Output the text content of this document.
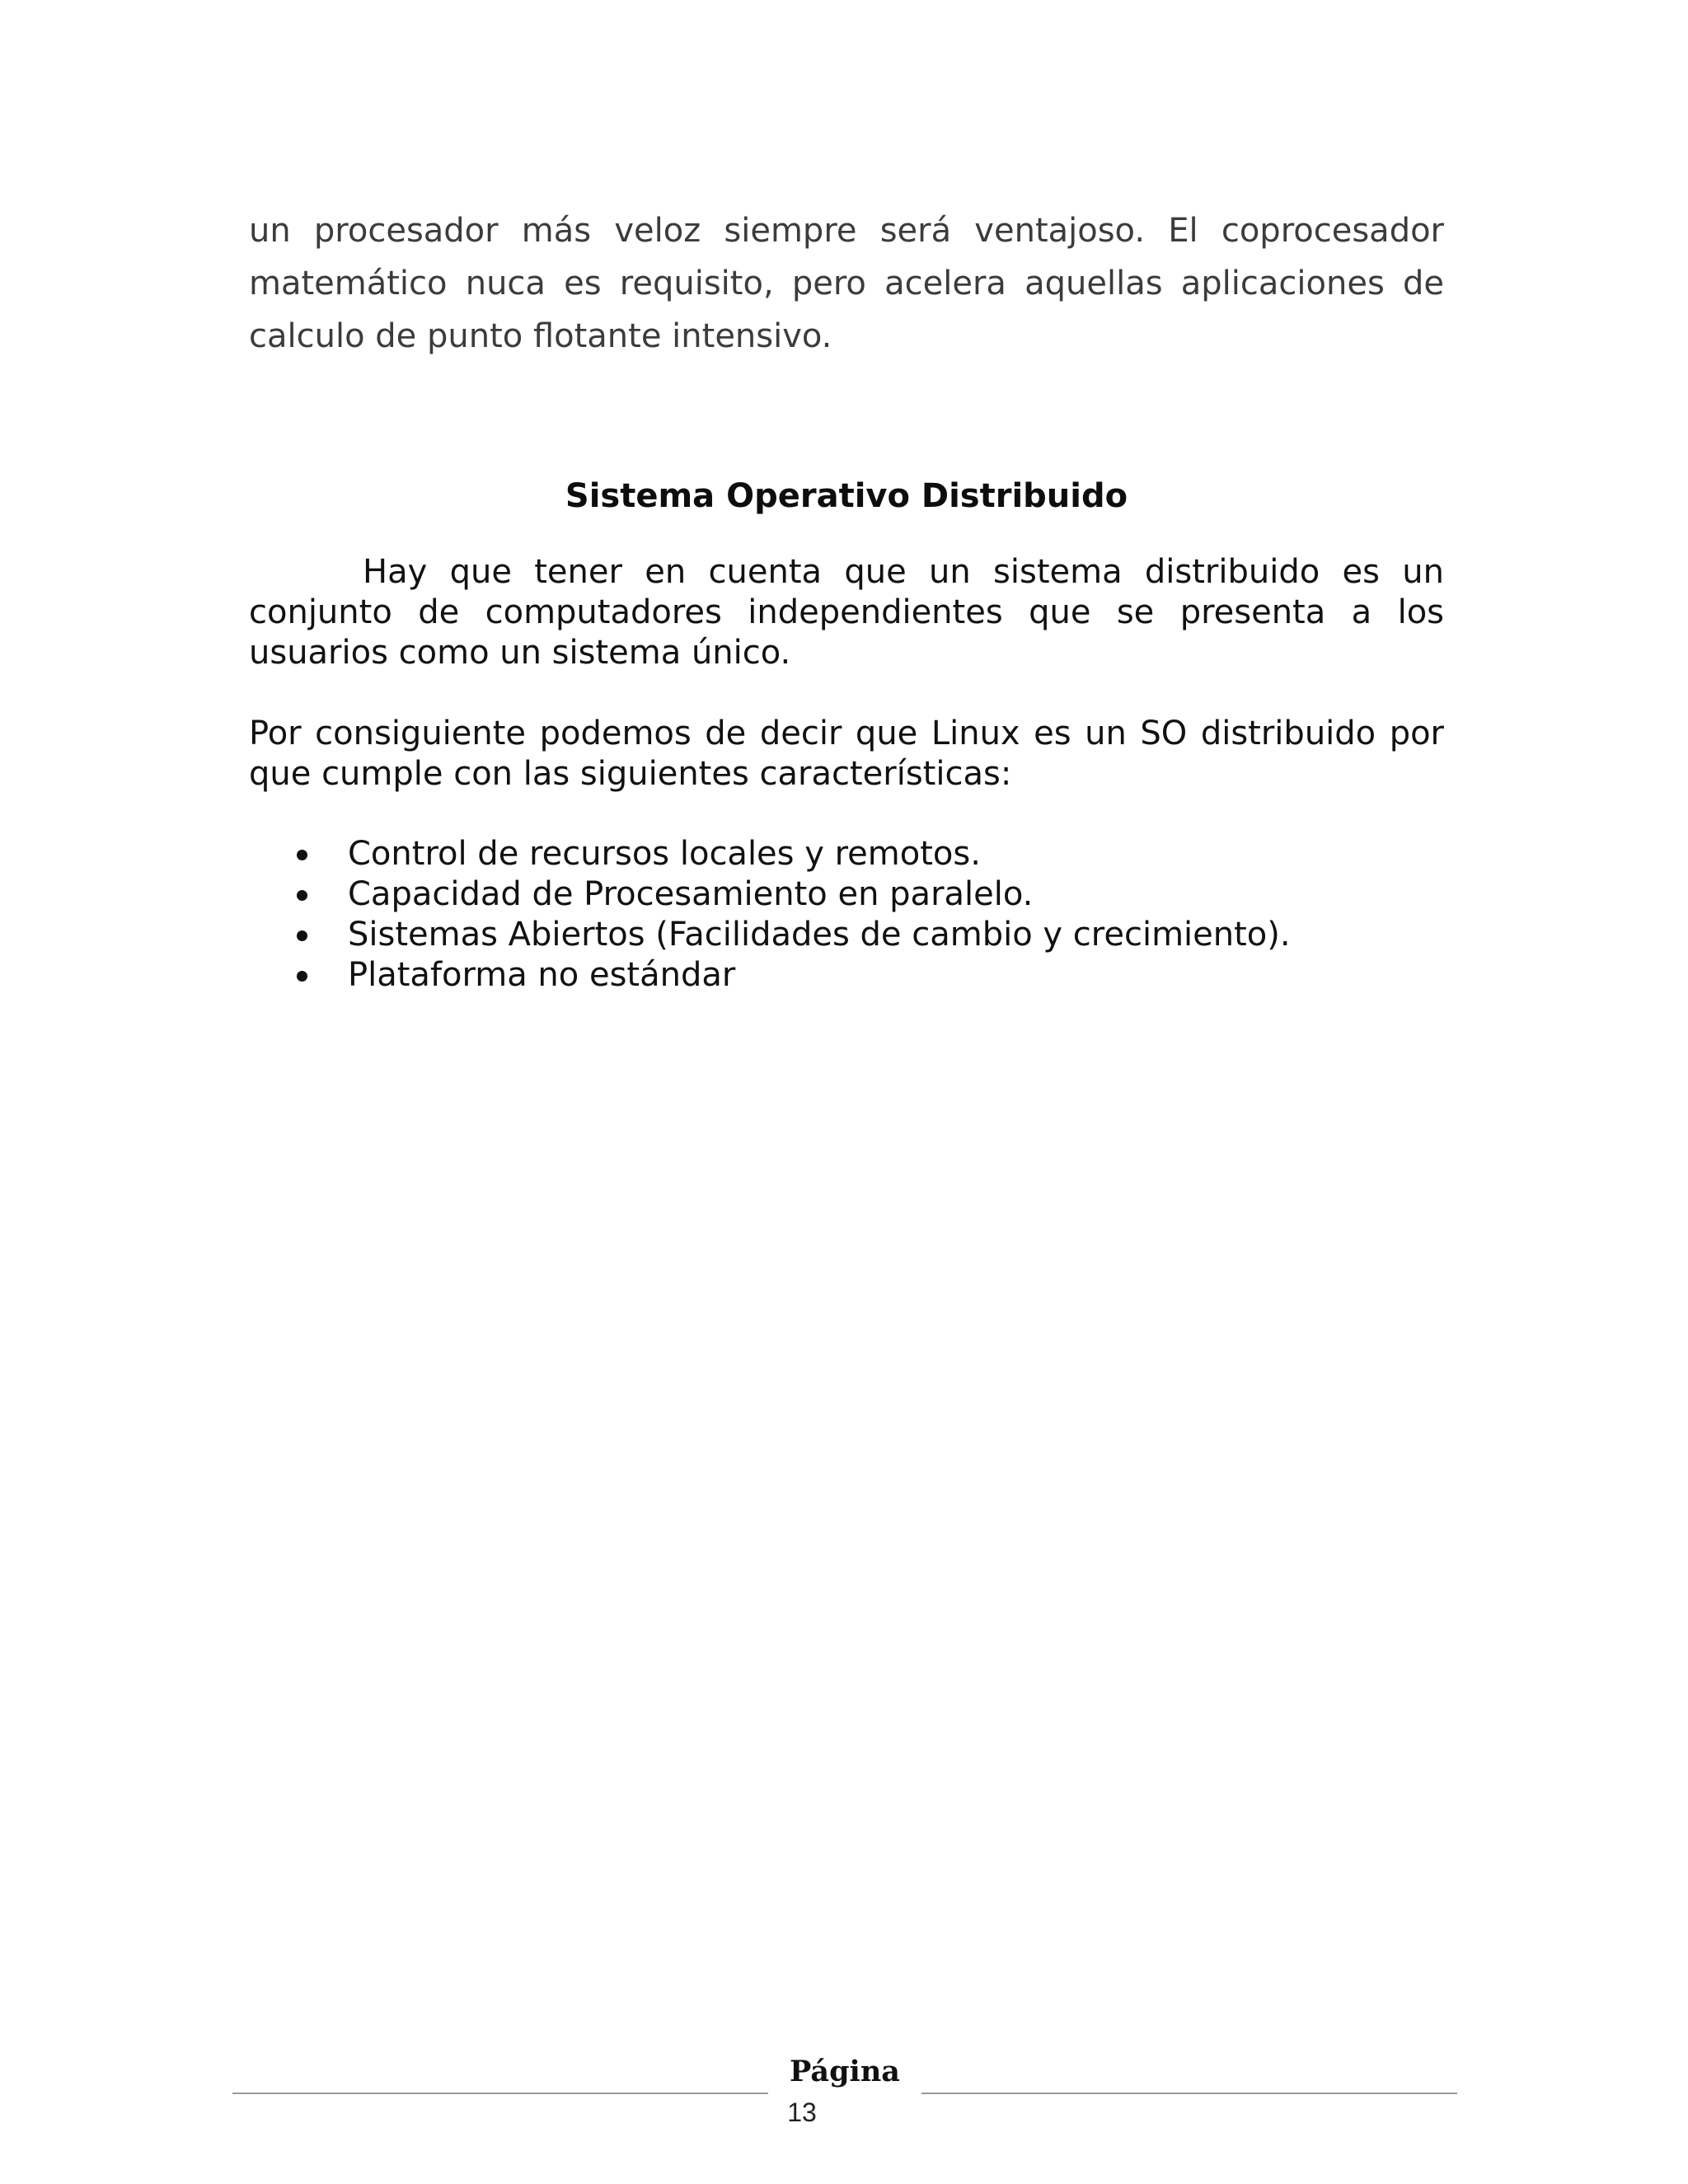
un procesador más veloz siempre será ventajoso. El coprocesador matemático nuca es requisito, pero acelera aquellas aplicaciones de calculo de punto flotante intensivo.

Sistema Operativo Distribuido

Hay que tener en cuenta que un sistema distribuido es un conjunto de computadores independientes que se presenta a los usuarios como un sistema único.

Por consiguiente podemos de decir que Linux es un SO distribuido por que cumple con las siguientes características:

Control de recursos locales y remotos.
Capacidad de Procesamiento en paralelo.
Sistemas Abiertos (Facilidades de cambio y crecimiento).
Plataforma no estándar
Página
13
